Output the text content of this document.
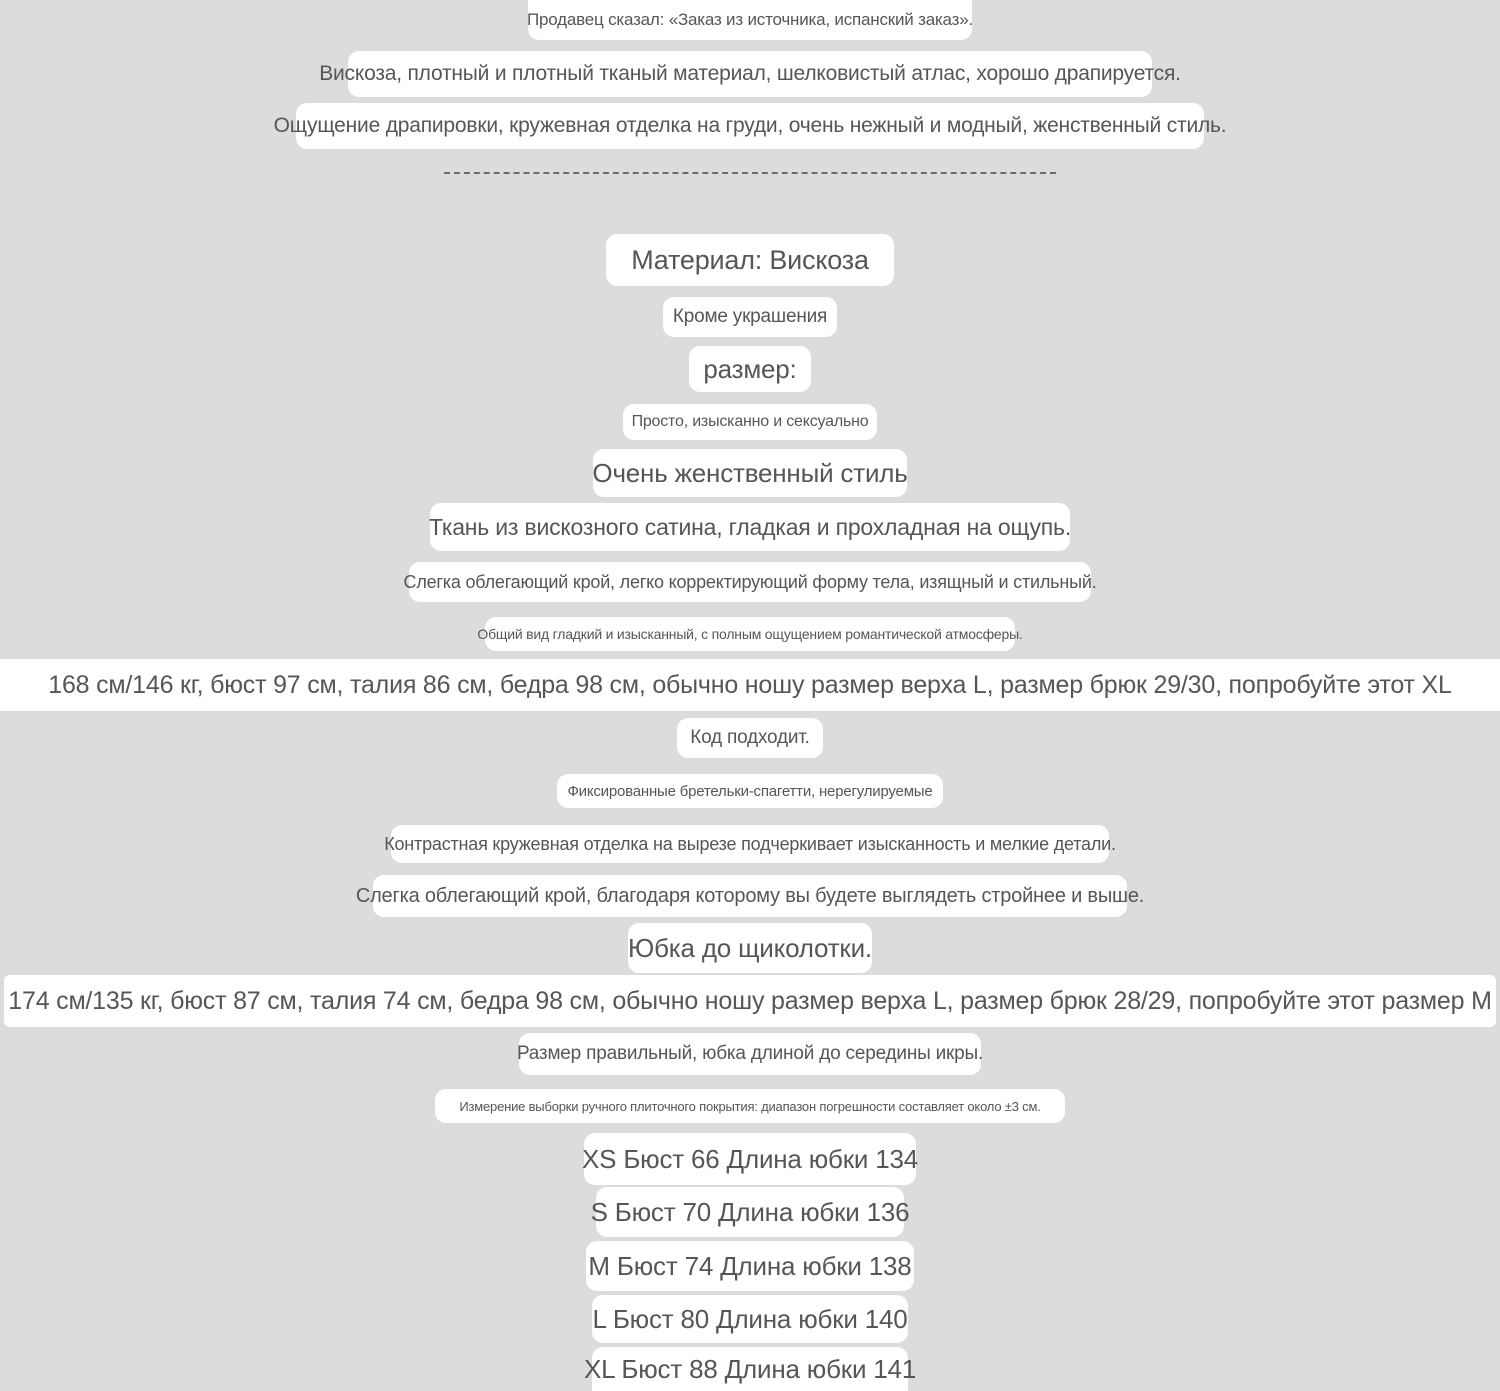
Продавец сказал: «Заказ из источника, испанский заказ».
Вискоза, плотный и плотный тканый материал, шелковистый атлас, хорошо драпируется.
Ощущение драпировки, кружевная отделка на груди, очень нежный и модный, женственный стиль.
Материал: Вискоза
Кроме украшения
размер:
Просто, изысканно и сексуально
Очень женственный стиль
Ткань из вискозного сатина, гладкая и прохладная на ощупь.
Слегка облегающий крой, легко корректирующий форму тела, изящный и стильный.
Общий вид гладкий и изысканный, с полным ощущением романтической атмосферы.
168 см/146 кг, бюст 97 см, талия 86 см, бедра 98 см, обычно ношу размер верха L, размер брюк 29/30, попробуйте этот XL
Код подходит.
Фиксированные бретельки-спагетти, нерегулируемые
Контрастная кружевная отделка на вырезе подчеркивает изысканность и мелкие детали.
Слегка облегающий крой, благодаря которому вы будете выглядеть стройнее и выше.
Юбка до щиколотки.
174 см/135 кг, бюст 87 см, талия 74 см, бедра 98 см, обычно ношу размер верха L, размер брюк 28/29, попробуйте этот размер M
Размер правильный, юбка длиной до середины икры.
Измерение выборки ручного плиточного покрытия: диапазон погрешности составляет около ±3 см.
XS Бюст 66 Длина юбки 134
S Бюст 70 Длина юбки 136
M Бюст 74 Длина юбки 138
L Бюст 80 Длина юбки 140
XL Бюст 88 Длина юбки 141
